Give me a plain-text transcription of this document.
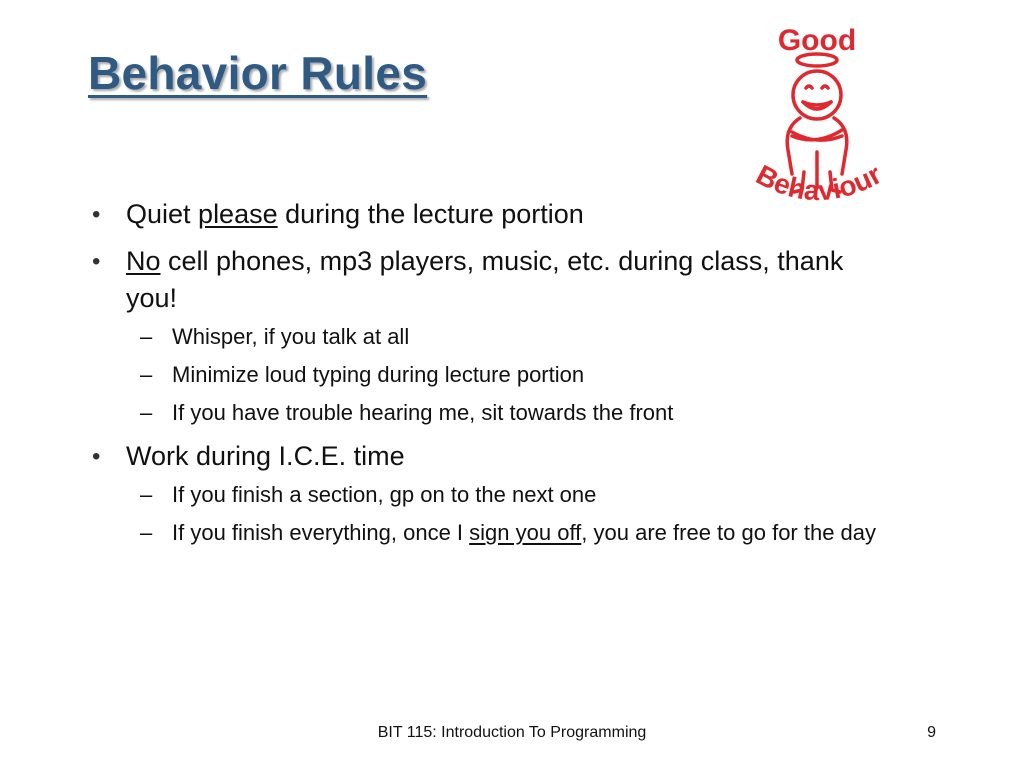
Behavior Rules
Good
Behaviour
• Quiet please during the lecture portion
• No cell phones, mp3 players, music, etc. during class, thank you!
– Whisper, if you talk at all
– Minimize loud typing during lecture portion
– If you have trouble hearing me, sit towards the front
• Work during I.C.E. time
– If you finish a section, gp on to the next one
– If you finish everything, once I sign you off, you are free to go for the day
BIT 115: Introduction To Programming	9
